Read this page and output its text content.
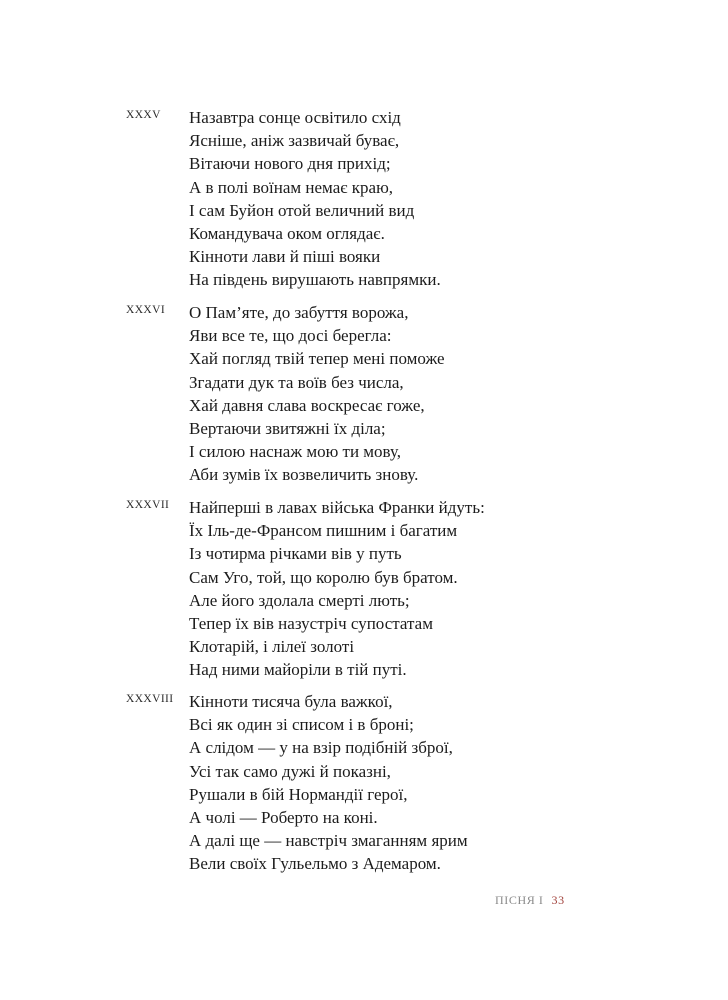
XXXV	Назавтра сонце освітило схід
Ясніше, аніж зазвичай буває,
Вітаючи нового дня прихід;
А в полі воїнам немає краю,
І сам Буйон отой величний вид
Командувача оком оглядає.
Кінноти лави й піші вояки
На південь вирушають навпрямки.
XXXVI	О Пам’яте, до забуття ворожа,
Яви все те, що досі берегла:
Хай погляд твій тепер мені поможе
Згадати дук та воїв без числа,
Хай давня слава воскресає гоже,
Вертаючи звитяжні їх діла;
І силою наснаж мою ти мову,
Аби зумів їх возвеличить знову.
XXXVII	Найперші в лавах війська Франки йдуть:
Їх Іль-де-Франсом пишним і багатим
Із чотирма річками вів у путь
Сам Уго, той, що королю був братом.
Але його здолала смерті лють;
Тепер їх вів назустріч супостатам
Клотарій, і лілеї золоті
Над ними майоріли в тій путі.
XXXVIII Кінноти тисяча була важкої,
Всі як один зі списом і в броні;
А слідом — у на взір подібній зброї,
Усі так само дужі й показні,
Рушали в бій Нормандії герої,
А чолі — Роберто на коні.
А далі ще — навстріч змаганням ярим
Вели своїх Гульельмо з Адемаром.
ПІСНЯ I 33
